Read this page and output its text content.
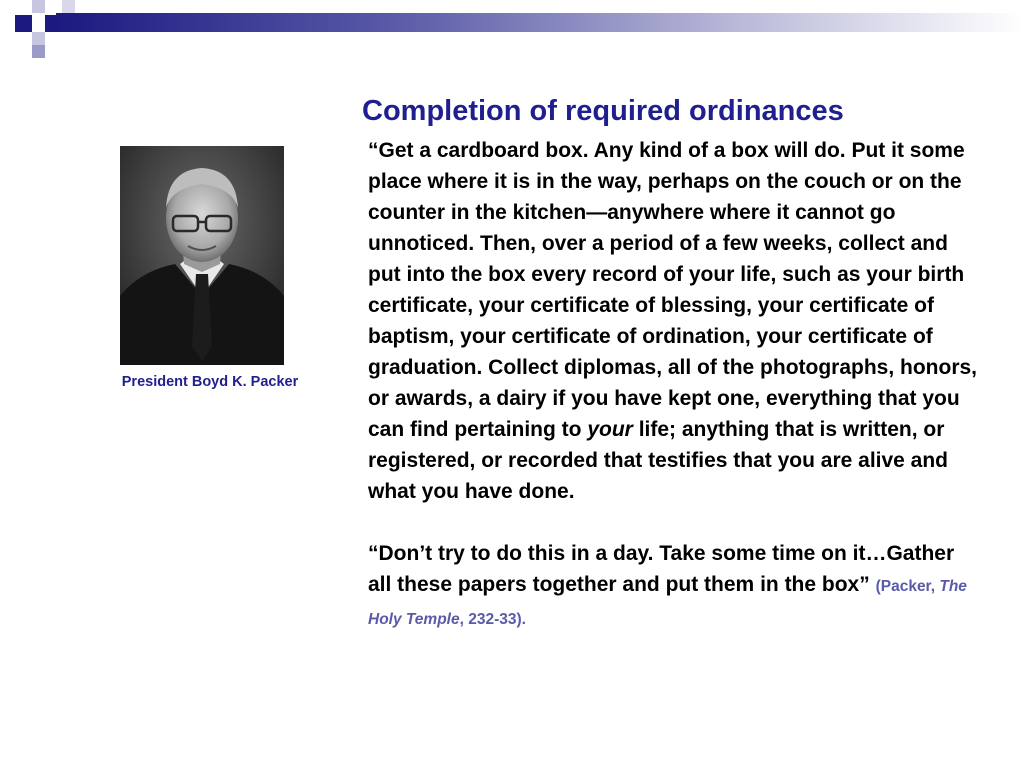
President Boyd K. Packer
Completion of required ordinances

“Get a cardboard box. Any kind of a box will do. Put it some place where it is in the way, perhaps on the couch or on the counter in the kitchen—anywhere where it cannot go unnoticed. Then, over a period of a few weeks, collect and put into the box every record of your life, such as your birth certificate, your certificate of blessing, your certificate of baptism, your certificate of ordination, your certificate of graduation. Collect diplomas, all of the photographs, honors, or awards, a dairy if you have kept one, everything that you can find pertaining to your life; anything that is written, or registered, or recorded that testifies that you are alive and what you have done.

“Don’t try to do this in a day. Take some time on it…Gather all these papers together and put them in the box” (Packer, The Holy Temple, 232-33).
